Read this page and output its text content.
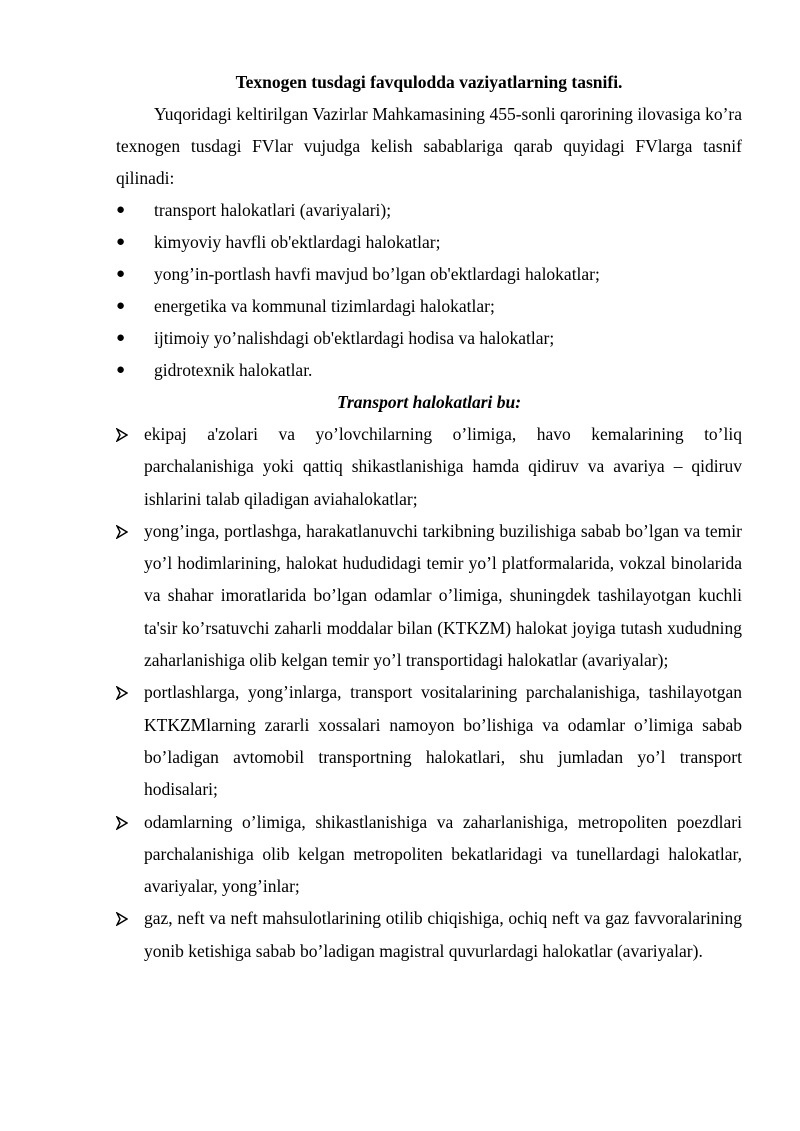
Texnogen tusdagi favqulodda vaziyatlarning tasnifi.

Yuqoridagi keltirilgan Vazirlar Mahkamasining 455-sonli qarorining ilovasiga ko’ra texnogen tusdagi FVlar vujudga kelish sabablariga qarab quyidagi FVlarga tasnif qilinadi:

●	transport halokatlari (avariyalari);
●	kimyoviy havfli ob'ektlardagi halokatlar;
●	yong’in-portlash havfi mavjud bo’lgan ob'ektlardagi halokatlar;
●	energetika va kommunal tizimlardagi halokatlar;
●	ijtimoiy yo’nalishdagi ob'ektlardagi hodisa va halokatlar;
●	gidrotexnik halokatlar.

Transport halokatlari bu:

ekipaj a'zolari va yo’lovchilarning o’limiga, havo kemalarining to’liq parchalanishiga yoki qattiq shikastlanishiga hamda qidiruv va avariya – qidiruv ishlarini talab qiladigan aviahalokatlar;
yong’inga, portlashga, harakatlanuvchi tarkibning buzilishiga sabab bo’lgan va temir yo’l hodimlarining, halokat hududidagi temir yo’l platformalarida, vokzal binolarida va shahar imoratlarida bo’lgan odamlar o’limiga, shuningdek tashilayotgan kuchli ta'sir ko’rsatuvchi zaharli moddalar bilan (KTKZM) halokat joyiga tutash xududning zaharlanishiga olib kelgan temir yo’l transportidagi halokatlar (avariyalar);
portlashlarga, yong’inlarga, transport vositalarining parchalanishiga, tashilayotgan KTKZMlarning zararli xossalari namoyon bo’lishiga va odamlar o’limiga sabab bo’ladigan avtomobil transportning halokatlari, shu jumladan yo’l transport hodisalari;
odamlarning o’limiga, shikastlanishiga va zaharlanishiga, metropoliten poezdlari parchalanishiga olib kelgan metropoliten bekatlaridagi va tunellardagi halokatlar, avariyalar, yong’inlar;
gaz, neft va neft mahsulotlarining otilib chiqishiga, ochiq neft va gaz favvoralarining yonib ketishiga sabab bo’ladigan magistral quvurlardagi halokatlar (avariyalar).
